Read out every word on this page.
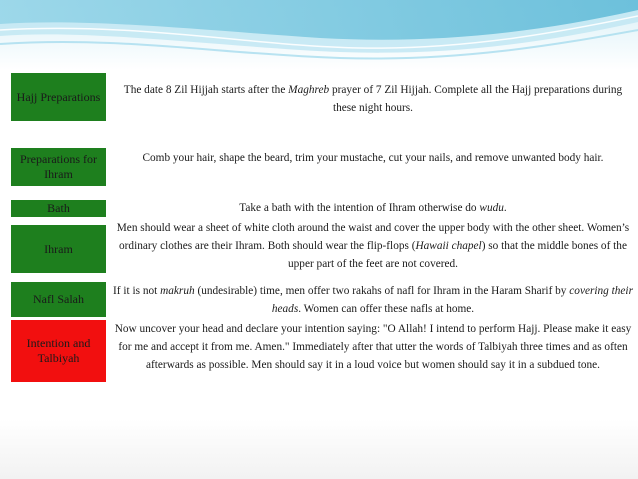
Hajj Preparations	The date 8 Zil Hijjah starts after the Maghreb prayer of 7 Zil Hijjah. Complete all the Hajj preparations during these night hours.
Preparations for Ihram
Comb your hair, shape the beard, trim your mustache, cut your nails, and remove unwanted body hair.
Bath	Take a bath with the intention of Ihram otherwise do wudu.
Ihram
Men should wear a sheet of white cloth around the waist and cover the upper body with the other sheet. Women’s ordinary clothes are their Ihram. Both should wear the flip-flops (Hawaii chapel) so that the middle bones of the upper part of the feet are not covered.
Nafl Salah
If it is not makruh (undesirable) time, men offer two rakahs of nafl for Ihram in the Haram Sharif by covering their heads. Women can offer these nafls at home.
Intention and Talbiyah
Now uncover your head and declare your intention saying: "O Allah! I intend to perform Hajj. Please make it easy for me and accept it from me. Amen." Immediately after that utter the words of Talbiyah three times and as often afterwards as possible. Men should say it in a loud voice but women should say it in a subdued tone.
